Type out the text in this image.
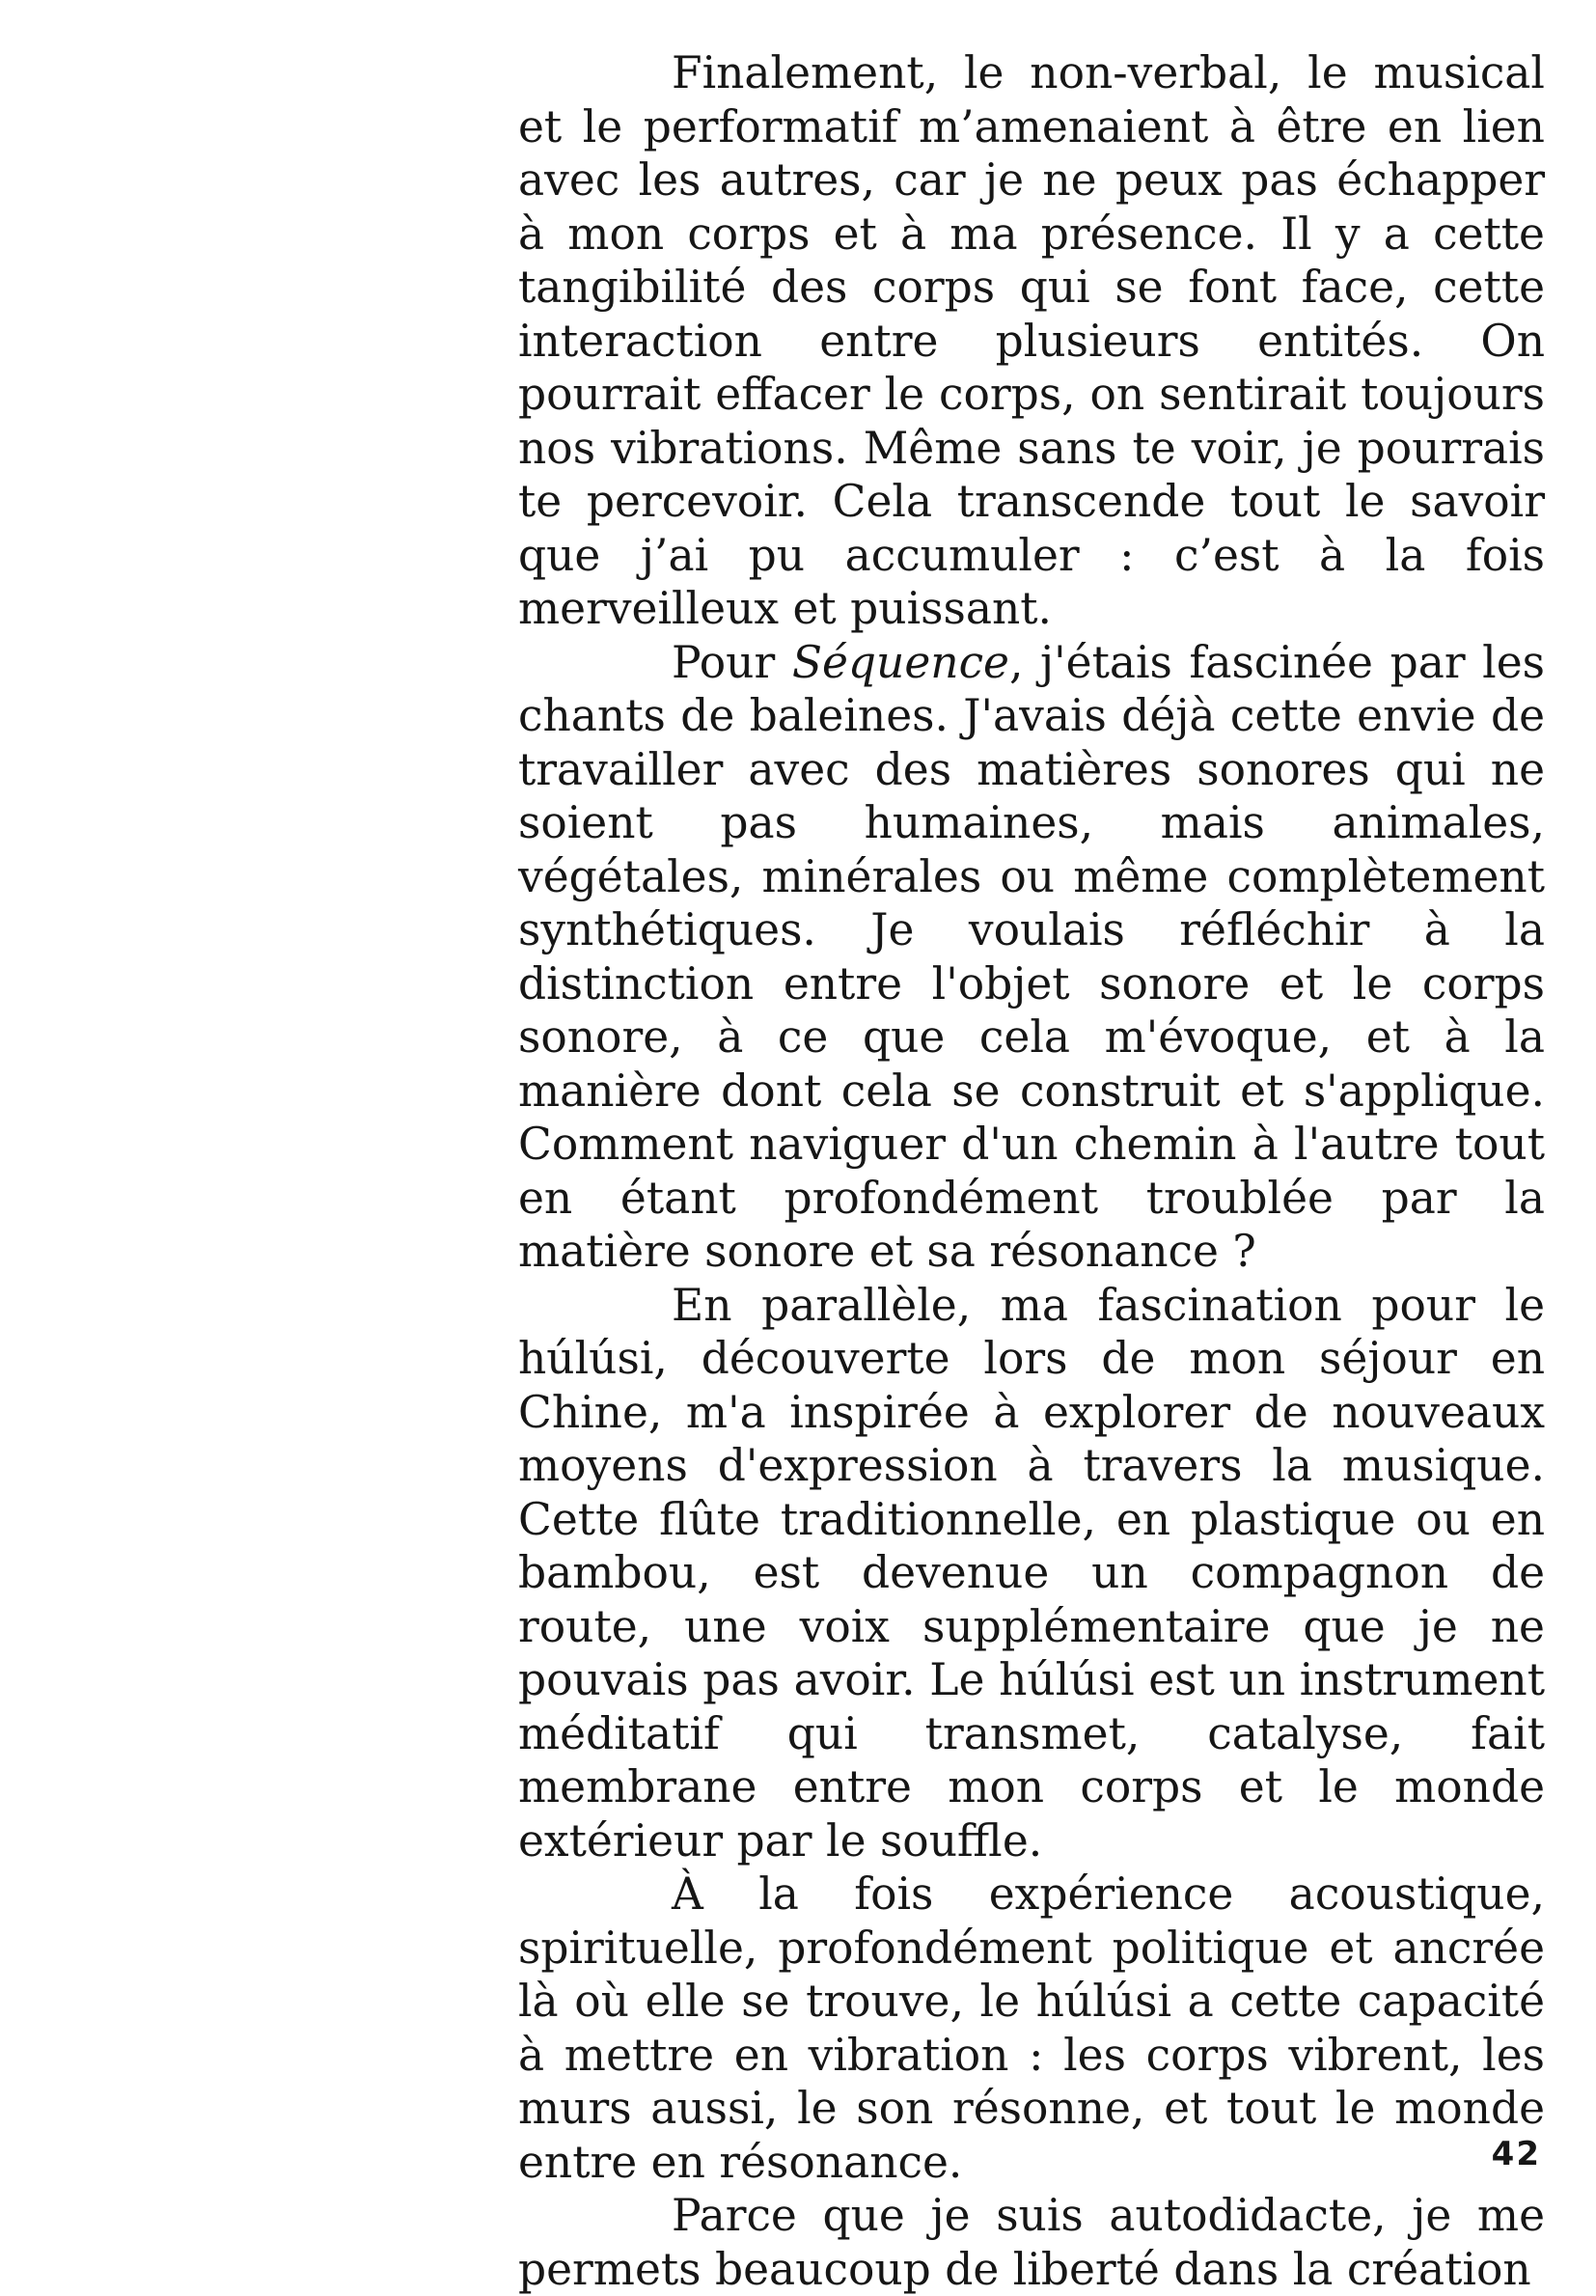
Finalement, le non-verbal, le musical et le performatif m’amenaient à être en lien avec les autres, car je ne peux pas échapper à mon corps et à ma présence. Il y a cette tangibilité des corps qui se font face, cette interaction entre plusieurs entités. On pourrait effacer le corps, on sentirait toujours nos vibrations. Même sans te voir, je pourrais te percevoir. Cela transcende tout le savoir que j’ai pu accumuler : c’est à la fois merveilleux et puissant.

Pour Séquence, j'étais fascinée par les chants de baleines. J'avais déjà cette envie de travailler avec des matières sonores qui ne soient pas humaines, mais animales, végétales, minérales ou même complètement synthétiques. Je voulais réfléchir à la distinction entre l'objet sonore et le corps sonore, à ce que cela m'évoque, et à la manière dont cela se construit et s'applique. Comment naviguer d'un chemin à l'autre tout en étant profondément troublée par la matière sonore et sa résonance ?

En parallèle, ma fascination pour le húlúsi, découverte lors de mon séjour en Chine, m'a inspirée à explorer de nouveaux moyens d'expression à travers la musique. Cette flûte traditionnelle, en plastique ou en bambou, est devenue un compagnon de route, une voix supplémentaire que je ne pouvais pas avoir. Le húlúsi est un instrument méditatif qui transmet, catalyse, fait membrane entre mon corps et le monde extérieur par le souffle.

À la fois expérience acoustique, spirituelle, profondément politique et ancrée là où elle se trouve, le húlúsi a cette capacité à mettre en vibration : les corps vibrent, les murs aussi, le son résonne, et tout le monde entre en résonance.

Parce que je suis autodidacte, je me permets beaucoup de liberté dans la création

42
